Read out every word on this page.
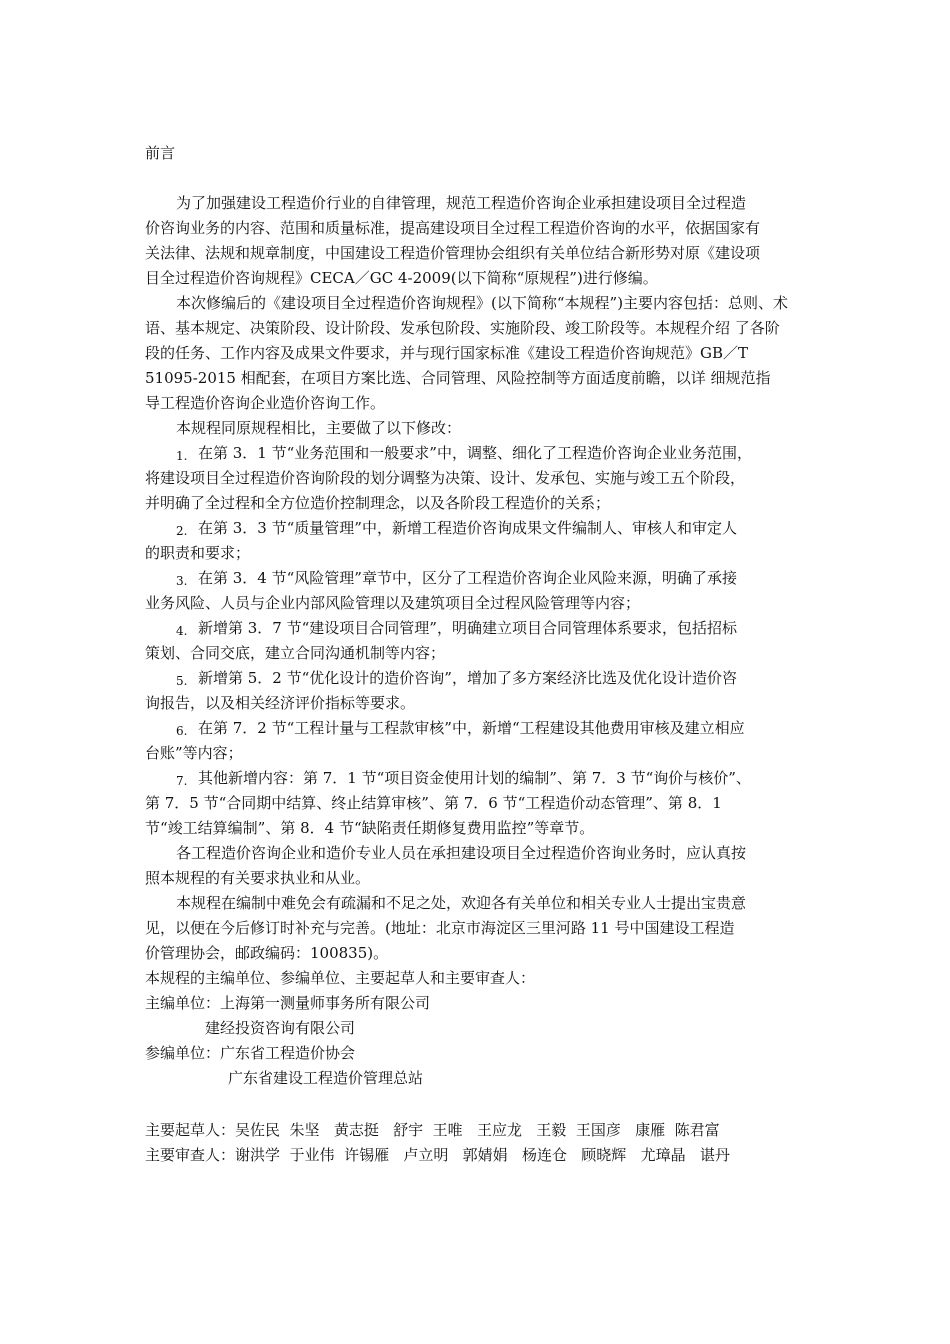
前言

为了加强建设工程造价行业的自律管理，规范工程造价咨询企业承担建设项目全过程造

价咨询业务的内容、范围和质量标准，提高建设项目全过程工程造价咨询的水平，依据国家有

关法律、法规和规章制度，中国建设工程造价管理协会组织有关单位结合新形势对原《建设项

目全过程造价咨询规程》CECA／GC 4-2009(以下简称“原规程”)进行修编。

本次修编后的《建设项目全过程造价咨询规程》(以下简称“本规程”)主要内容包括：总则、术

语、基本规定、决策阶段、设计阶段、发承包阶段、实施阶段、竣工阶段等。本规程介绍 了各阶

段的任务、工作内容及成果文件要求，并与现行国家标准《建设工程造价咨询规范》GB／T

51095-2015 相配套，在项目方案比选、合同管理、风险控制等方面适度前瞻，以详 细规范指

导工程造价咨询企业造价咨询工作。

本规程同原规程相比，主要做了以下修改：

1. 在第 3．1 节“业务范围和一般要求”中，调整、细化了工程造价咨询企业业务范围，

将建设项目全过程造价咨询阶段的划分调整为决策、设计、发承包、实施与竣工五个阶段，

并明确了全过程和全方位造价控制理念，以及各阶段工程造价的关系；

2. 在第 3．3 节“质量管理”中，新增工程造价咨询成果文件编制人、审核人和审定人

的职责和要求；

3. 在第 3．4 节“风险管理”章节中，区分了工程造价咨询企业风险来源，明确了承接

业务风险、人员与企业内部风险管理以及建筑项目全过程风险管理等内容；

4. 新增第 3．7 节“建设项目合同管理”，明确建立项目合同管理体系要求，包括招标

策划、合同交底，建立合同沟通机制等内容；

5. 新增第 5．2 节“优化设计的造价咨询”，增加了多方案经济比选及优化设计造价咨

询报告，以及相关经济评价指标等要求。

6. 在第 7．2 节“工程计量与工程款审核”中，新增“工程建设其他费用审核及建立相应

台账”等内容；

7. 其他新增内容：第 7．1 节“项目资金使用计划的编制”、第 7．3 节“询价与核价”、

第 7．5 节“合同期中结算、终止结算审核”、第 7．6 节“工程造价动态管理”、第 8．1

节“竣工结算编制”、第 8．4 节“缺陷责任期修复费用监控”等章节。

各工程造价咨询企业和造价专业人员在承担建设项目全过程造价咨询业务时，应认真按

照本规程的有关要求执业和从业。

本规程在编制中难免会有疏漏和不足之处，欢迎各有关单位和相关专业人士提出宝贵意

见，以便在今后修订时补充与完善。(地址：北京市海淀区三里河路 11 号中国建设工程造

价管理协会，邮政编码：100835)。

本规程的主编单位、参编单位、主要起草人和主要审查人：

主编单位：上海第一测量师事务所有限公司

建经投资咨询有限公司

参编单位：广东省工程造价协会

广东省建设工程造价管理总站

主要起草人：吴佐民  朱坚   黄志挺   舒宇  王唯   王应龙   王毅  王国彦   康雁  陈君富

主要审查人：谢洪学  于业伟  许锡雁   卢立明   郭婧娟   杨连仓   顾晓辉   尤璋晶   谌丹
